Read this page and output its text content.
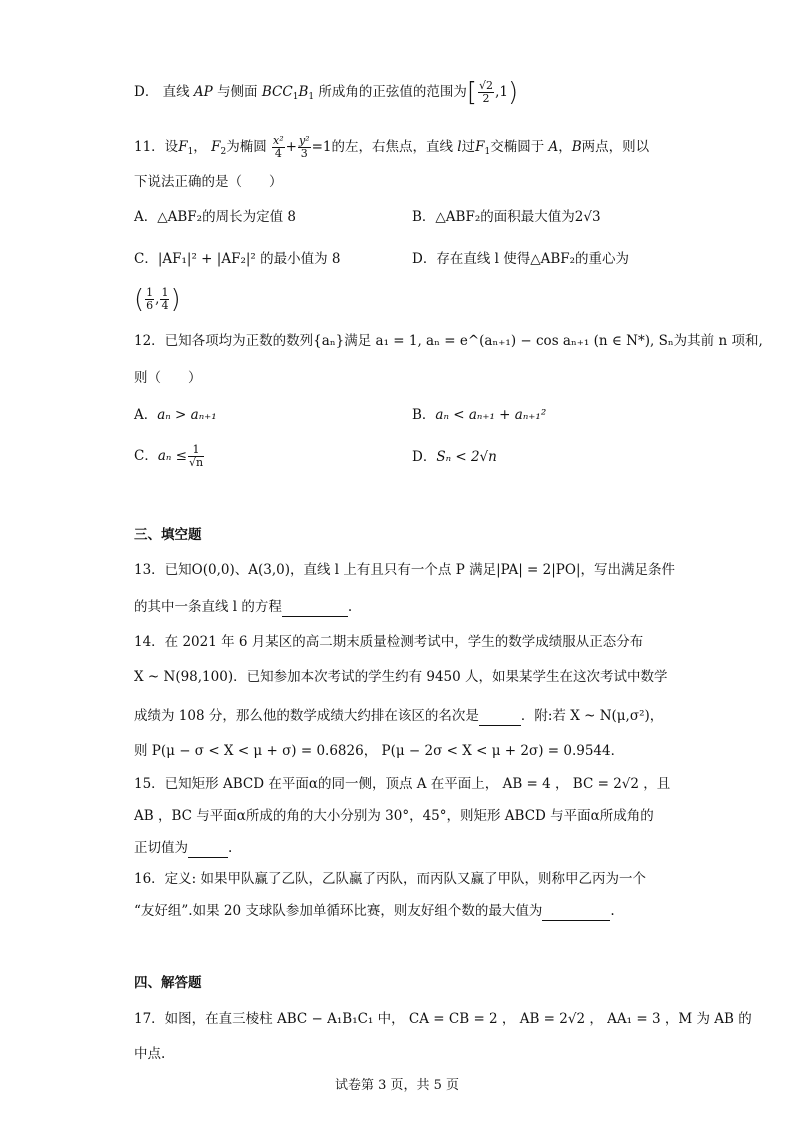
D． 直线 AP 与侧面 $BCC_1B_1$ 所成角的正弦值的范围为[ $\frac{√2}{2} ,1$)
11．设$F_1$， $F_2$为椭圆 $\frac{\text{x²}}{4} + \frac{\text{y²}}{3} =1$的左，右焦点，直线 l过$F_1$交椭圆于 A，B两点，则以
下说法正确的是（　　）
A．△ABF₂的周长为定值 8	B．△ABF₂的面积最大值为2√3
C．|AF₁|² + |AF₂|² 的最小值为 8	D．存在直线 l 使得△ABF₂的重心为
( $\frac{1}{6}$ , $\frac{1}{4}$ )
12．已知各项均为正数的数列{aₙ}满足 a₁ = 1, aₙ = e^(aₙ₊₁) − cos aₙ₊₁ (n ∈ N*), Sₙ为其前 n 项和,
则（　　）
A．aₙ > aₙ₊₁	B．aₙ < aₙ₊₁ + aₙ₊₁²
C．$a_n \le \frac{1}{√n}$	D．Sₙ < 2√n
三、填空题
13．已知O(0,0)、A(3,0)，直线 l 上有且只有一个点 P 满足|PA| = 2|PO|，写出满足条件
的其中一条直线 l 的方程	.
14．在 2021 年 6 月某区的高二期末质量检测考试中，学生的数学成绩服从正态分布
X ~ N(98,100)．已知参加本次考试的学生约有 9450 人，如果某学生在这次考试中数学
成绩为 108 分，那么他的数学成绩大约排在该区的名次是	．附:若 X ~ N(μ,σ²)，
则 P(μ − σ < X < μ + σ) = 0.6826， P(μ − 2σ < X < μ + 2σ) = 0.9544．
15．已知矩形 ABCD 在平面α的同一侧，顶点 A 在平面上， AB = 4 ， BC = 2√2 ，且
AB ，BC 与平面α所成的角的大小分别为 30°，45°，则矩形 ABCD 与平面α所成角的
正切值为	.
16．定义: 如果甲队赢了乙队，乙队赢了丙队，而丙队又赢了甲队，则称甲乙丙为一个
“友好组”.如果 20 支球队参加单循环比赛，则友好组个数的最大值为	.
四、解答题
17．如图，在直三棱柱 ABC − A₁B₁C₁ 中， CA = CB = 2 ， AB = 2√2 ， AA₁ = 3 ，M 为 AB 的
中点.
试卷第 3 页，共 5 页
